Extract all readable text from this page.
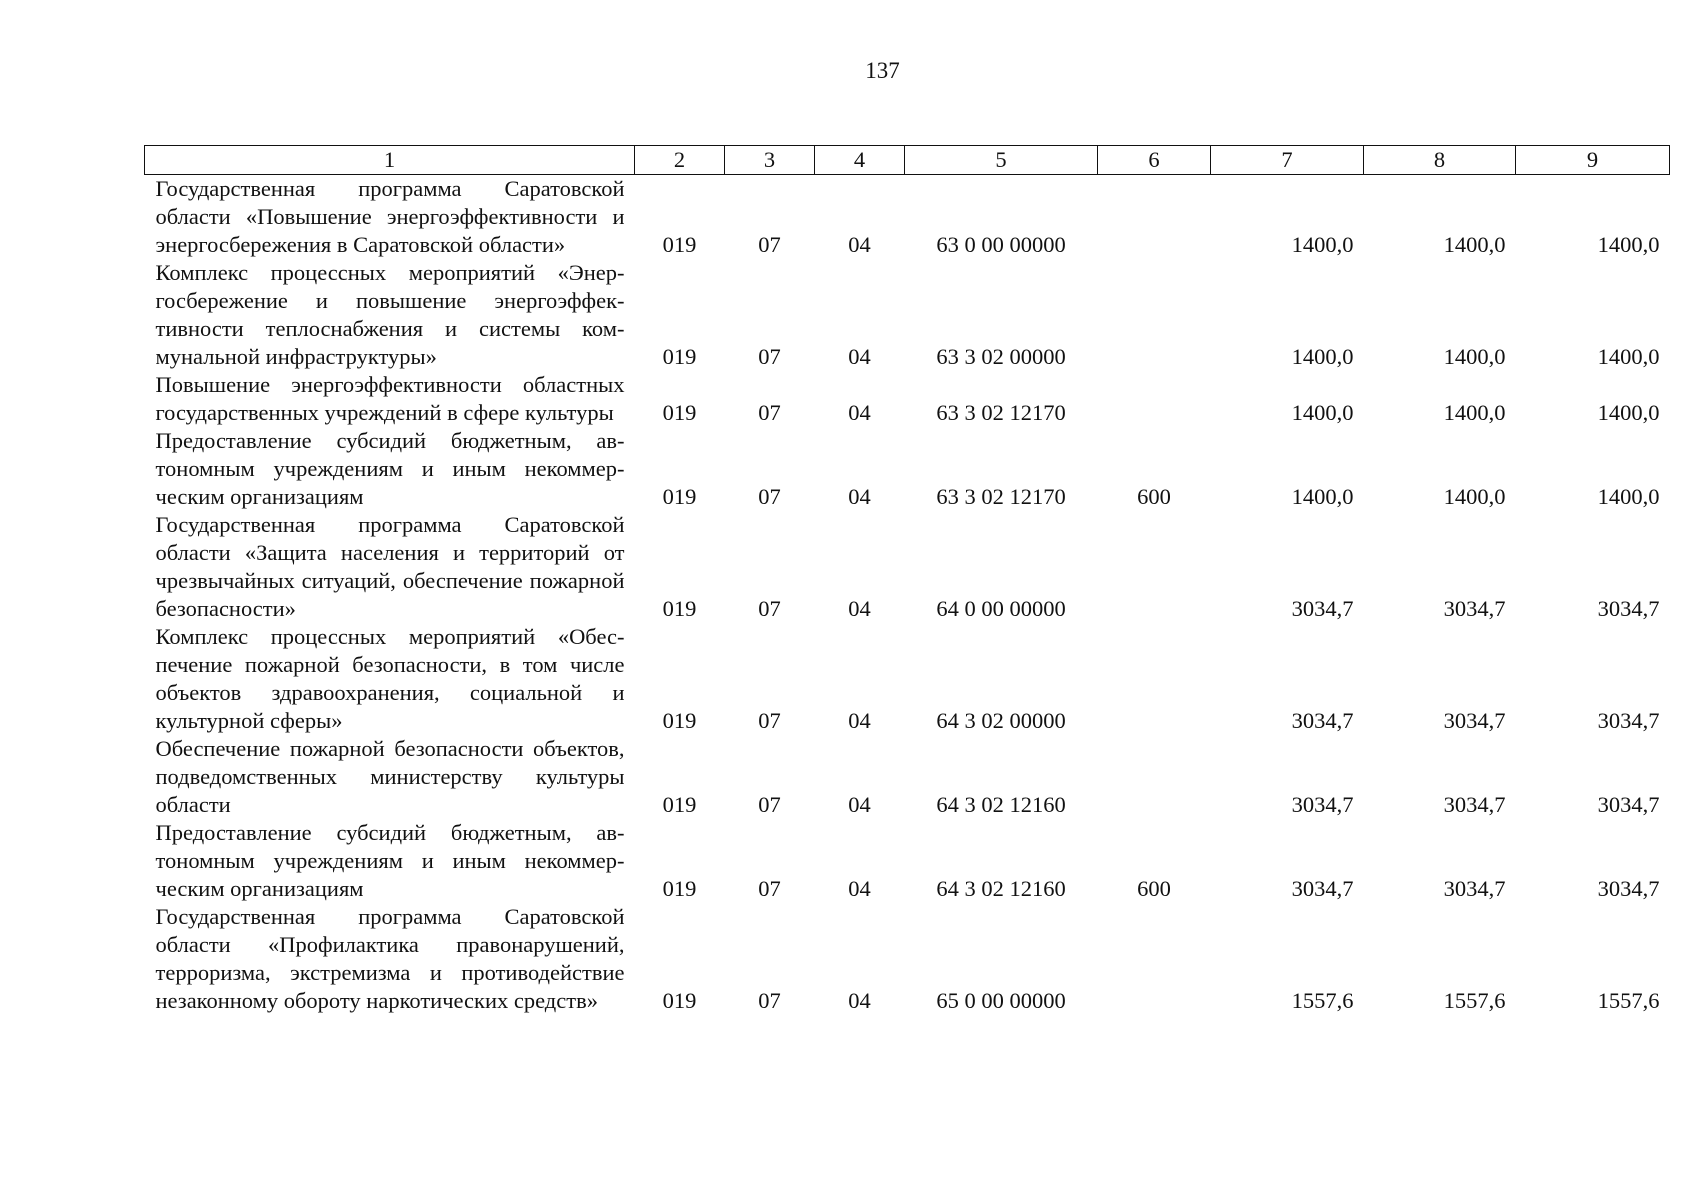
137
1	2	3	4	5	6	7	8	9
Государственная программа Саратовской области «Повышение энергоэффективности и энергосбережения в Саратовской области»	019	07	04	63 0 00 00000		1400,0	1400,0	1400,0
Комплекс процессных мероприятий «Энергосбережение и повышение энергоэффективности теплоснабжения и системы коммунальной инфраструктуры»	019	07	04	63 3 02 00000		1400,0	1400,0	1400,0
Повышение энергоэффективности областных государственных учреждений в сфере культуры	019	07	04	63 3 02 12170		1400,0	1400,0	1400,0
Предоставление субсидий бюджетным, автономным учреждениям и иным некоммерческим организациям	019	07	04	63 3 02 12170	600	1400,0	1400,0	1400,0
Государственная программа Саратовской области «Защита населения и территорий от чрезвычайных ситуаций, обеспечение пожарной безопасности»	019	07	04	64 0 00 00000		3034,7	3034,7	3034,7
Комплекс процессных мероприятий «Обеспечение пожарной безопасности, в том числе объектов здравоохранения, социальной и культурной сферы»	019	07	04	64 3 02 00000		3034,7	3034,7	3034,7
Обеспечение пожарной безопасности объектов, подведомственных министерству культуры области	019	07	04	64 3 02 12160		3034,7	3034,7	3034,7
Предоставление субсидий бюджетным, автономным учреждениям и иным некоммерческим организациям	019	07	04	64 3 02 12160	600	3034,7	3034,7	3034,7
Государственная программа Саратовской области «Профилактика правонарушений, терроризма, экстремизма и противодействие незаконному обороту наркотических средств»	019	07	04	65 0 00 00000		1557,6	1557,6	1557,6
